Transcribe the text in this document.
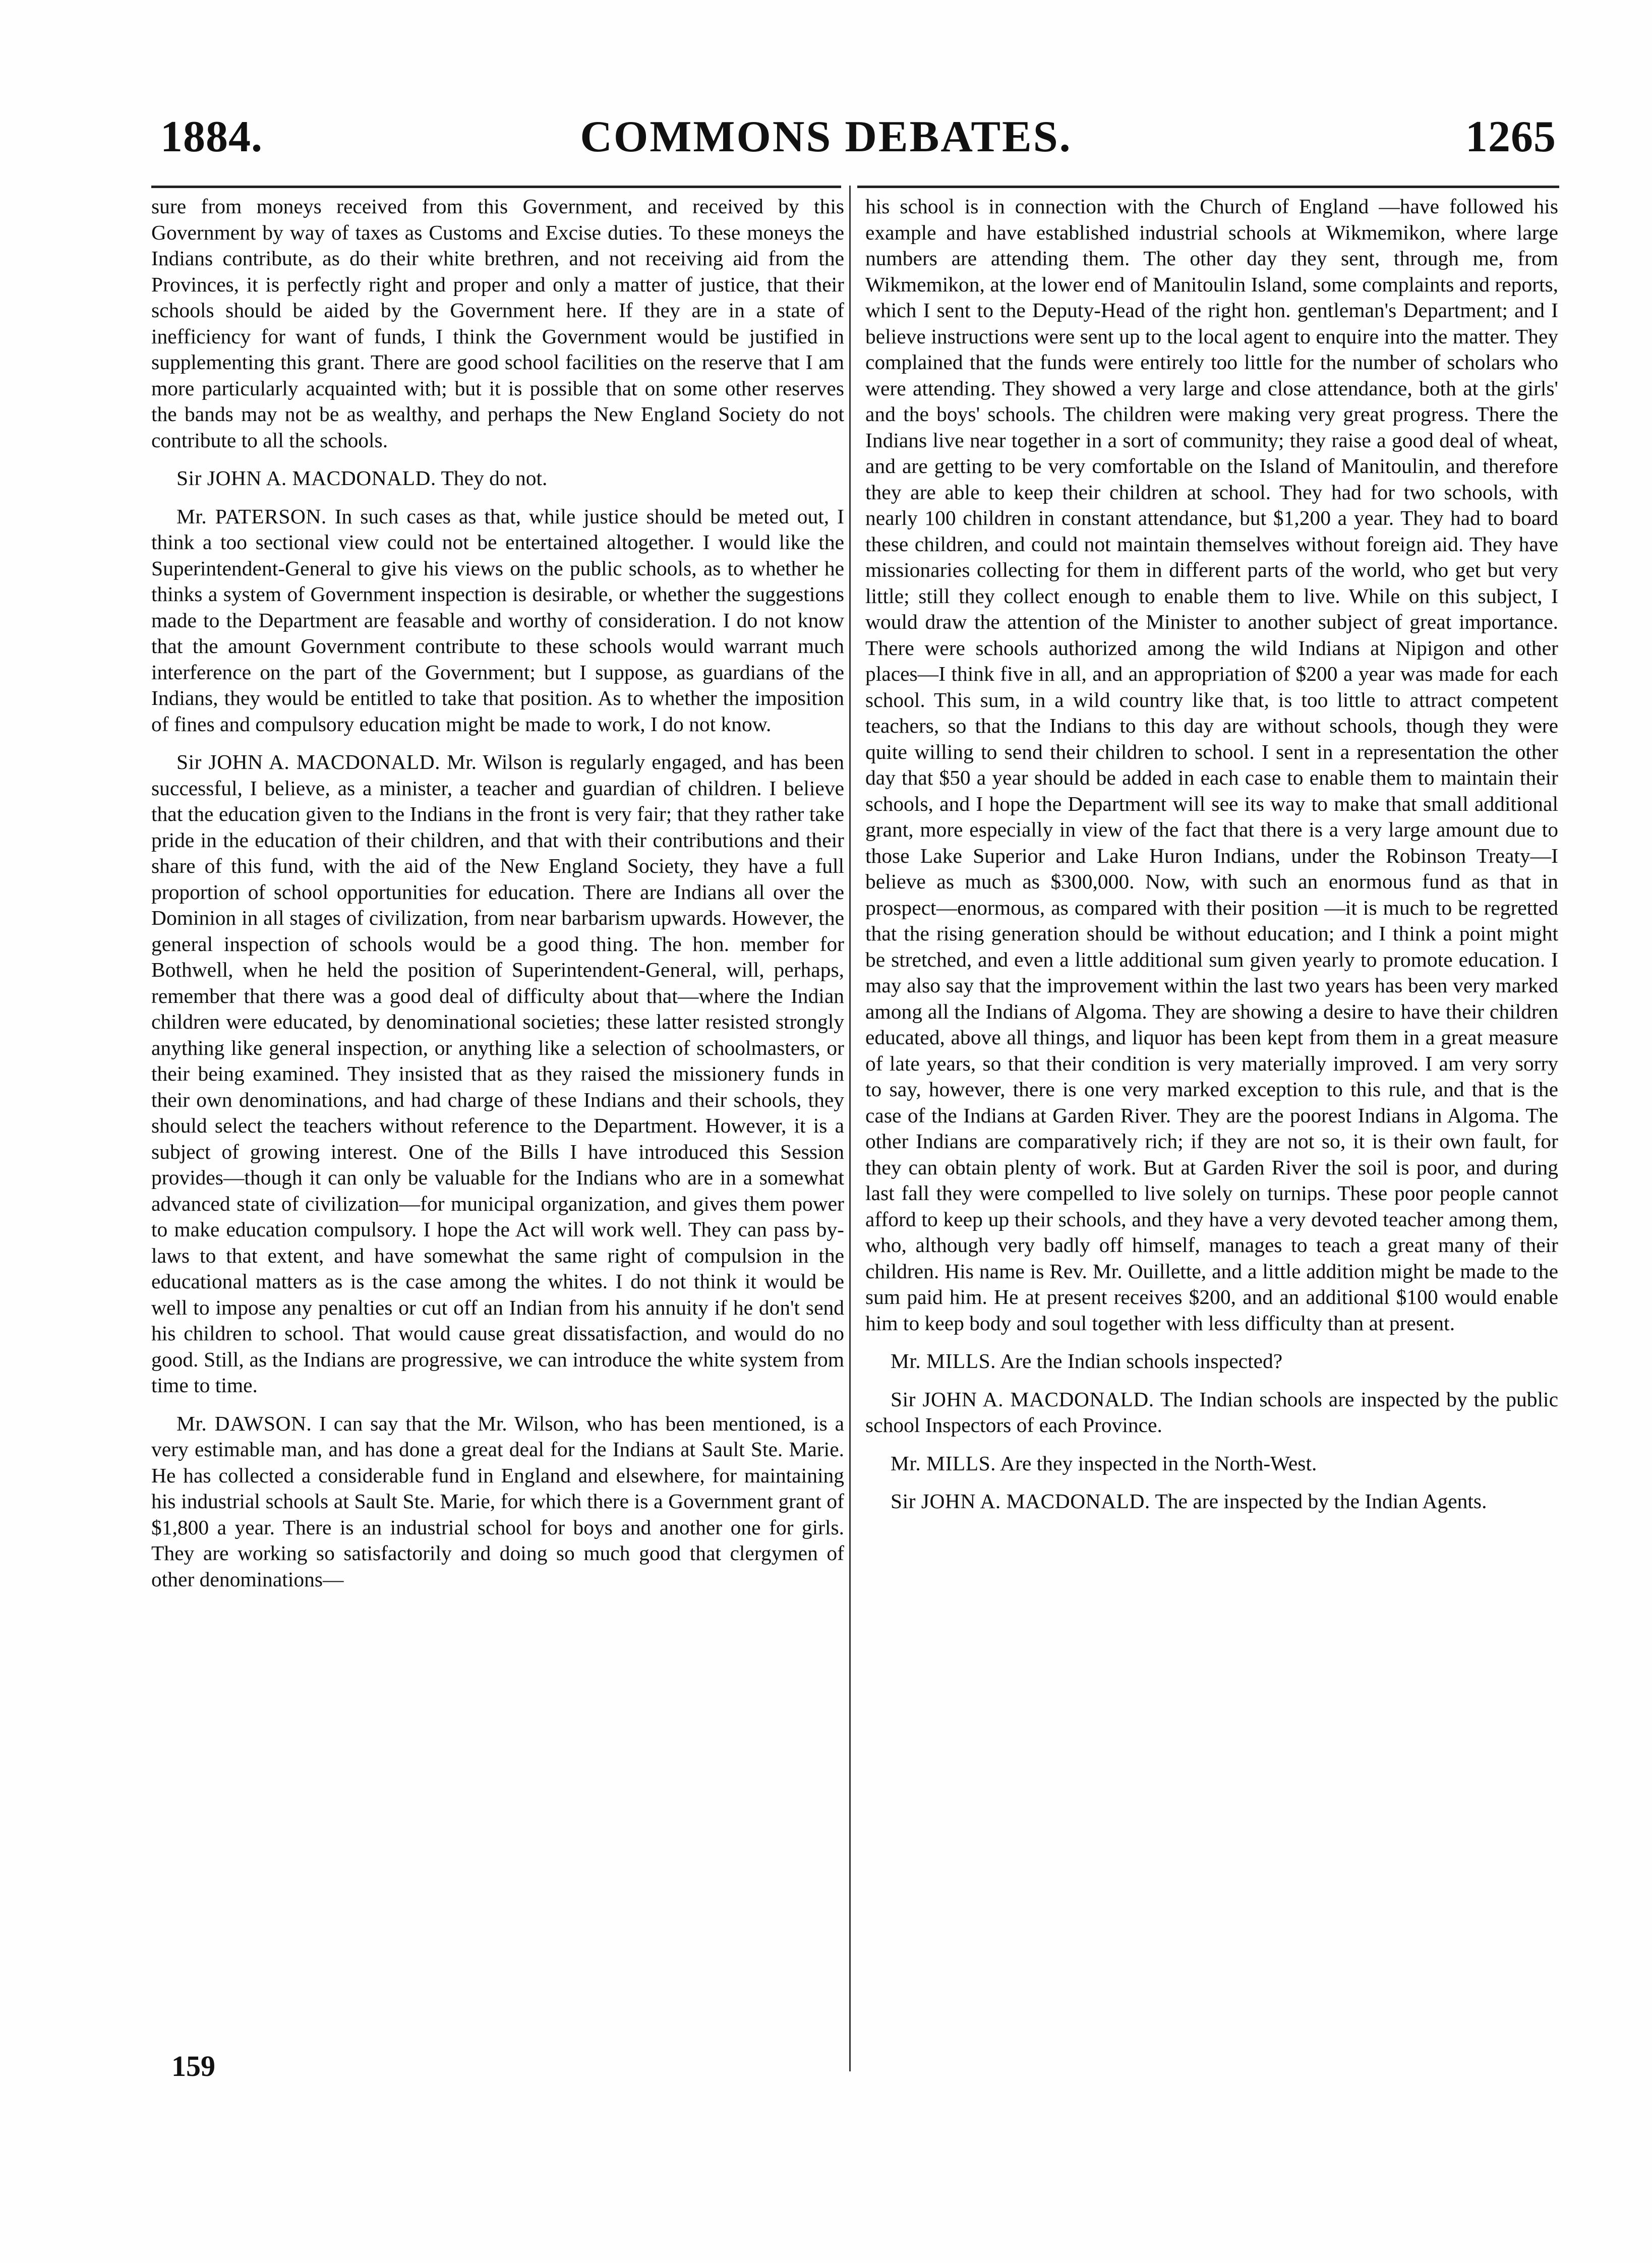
1884.	COMMONS DEBATES.	1265

sure from moneys received from this Government, and received by this Government by way of taxes as Customs and Excise duties. To these moneys the Indians contribute, as do their white brethren, and not receiving aid from the Provinces, it is perfectly right and proper and only a matter of justice, that their schools should be aided by the Government here. If they are in a state of inefficiency for want of funds, I think the Government would be justified in supplementing this grant. There are good school facilities on the reserve that I am more particularly acquainted with; but it is possible that on some other reserves the bands may not be as wealthy, and perhaps the New England Society do not contribute to all the schools.

Sir JOHN A. MACDONALD. They do not.

Mr. PATERSON. In such cases as that, while justice should be meted out, I think a too sectional view could not be entertained altogether. I would like the Superintendent-General to give his views on the public schools, as to whether he thinks a system of Government inspection is desirable, or whether the suggestions made to the Department are feasable and worthy of consideration. I do not know that the amount Government contribute to these schools would warrant much interference on the part of the Government; but I suppose, as guardians of the Indians, they would be entitled to take that position. As to whether the imposition of fines and compulsory education might be made to work, I do not know.

Sir JOHN A. MACDONALD. Mr. Wilson is regularly engaged, and has been successful, I believe, as a minister, a teacher and guardian of children. I believe that the education given to the Indians in the front is very fair; that they rather take pride in the education of their children, and that with their contributions and their share of this fund, with the aid of the New England Society, they have a full proportion of school opportunities for education. There are Indians all over the Dominion in all stages of civilization, from near barbarism upwards. However, the general inspection of schools would be a good thing. The hon. member for Bothwell, when he held the position of Superintendent-General, will, perhaps, remember that there was a good deal of difficulty about that—where the Indian children were educated, by denominational societies; these latter resisted strongly anything like general inspection, or anything like a selection of schoolmasters, or their being examined. They insisted that as they raised the missionery funds in their own denominations, and had charge of these Indians and their schools, they should select the teachers without reference to the Department. However, it is a subject of growing interest. One of the Bills I have introduced this Session provides—though it can only be valuable for the Indians who are in a somewhat advanced state of civilization—for municipal organization, and gives them power to make education compulsory. I hope the Act will work well. They can pass by-laws to that extent, and have somewhat the same right of compulsion in the educational matters as is the case among the whites. I do not think it would be well to impose any penalties or cut off an Indian from his annuity if he don't send his children to school. That would cause great dissatisfaction, and would do no good. Still, as the Indians are progressive, we can introduce the white system from time to time.

Mr. DAWSON. I can say that the Mr. Wilson, who has been mentioned, is a very estimable man, and has done a great deal for the Indians at Sault Ste. Marie. He has collected a considerable fund in England and elsewhere, for maintaining his industrial schools at Sault Ste. Marie, for which there is a Government grant of $1,800 a year. There is an industrial school for boys and another one for girls. They are working so satisfactorily and doing so much good that clergymen of other denominations—

his school is in connection with the Church of England —have followed his example and have established industrial schools at Wikmemikon, where large numbers are attending them. The other day they sent, through me, from Wikmemikon, at the lower end of Manitoulin Island, some complaints and reports, which I sent to the Deputy-Head of the right hon. gentleman's Department; and I believe instructions were sent up to the local agent to enquire into the matter. They complained that the funds were entirely too little for the number of scholars who were attending. They showed a very large and close attendance, both at the girls' and the boys' schools. The children were making very great progress. There the Indians live near together in a sort of community; they raise a good deal of wheat, and are getting to be very comfortable on the Island of Manitoulin, and therefore they are able to keep their children at school. They had for two schools, with nearly 100 children in constant attendance, but $1,200 a year. They had to board these children, and could not maintain themselves without foreign aid. They have missionaries collecting for them in different parts of the world, who get but very little; still they collect enough to enable them to live. While on this subject, I would draw the attention of the Minister to another subject of great importance. There were schools authorized among the wild Indians at Nipigon and other places—I think five in all, and an appropriation of $200 a year was made for each school. This sum, in a wild country like that, is too little to attract competent teachers, so that the Indians to this day are without schools, though they were quite willing to send their children to school. I sent in a representation the other day that $50 a year should be added in each case to enable them to maintain their schools, and I hope the Department will see its way to make that small additional grant, more especially in view of the fact that there is a very large amount due to those Lake Superior and Lake Huron Indians, under the Robinson Treaty—I believe as much as $300,000. Now, with such an enormous fund as that in prospect—enormous, as compared with their position —it is much to be regretted that the rising generation should be without education; and I think a point might be stretched, and even a little additional sum given yearly to promote education. I may also say that the improvement within the last two years has been very marked among all the Indians of Algoma. They are showing a desire to have their children educated, above all things, and liquor has been kept from them in a great measure of late years, so that their condition is very materially improved. I am very sorry to say, however, there is one very marked exception to this rule, and that is the case of the Indians at Garden River. They are the poorest Indians in Algoma. The other Indians are comparatively rich; if they are not so, it is their own fault, for they can obtain plenty of work. But at Garden River the soil is poor, and during last fall they were compelled to live solely on turnips. These poor people cannot afford to keep up their schools, and they have a very devoted teacher among them, who, although very badly off himself, manages to teach a great many of their children. His name is Rev. Mr. Ouillette, and a little addition might be made to the sum paid him. He at present receives $200, and an additional $100 would enable him to keep body and soul together with less difficulty than at present.

Mr. MILLS. Are the Indian schools inspected?

Sir JOHN A. MACDONALD. The Indian schools are inspected by the public school Inspectors of each Province.

Mr. MILLS. Are they inspected in the North-West.

Sir JOHN A. MACDONALD. The are inspected by the Indian Agents.

159
